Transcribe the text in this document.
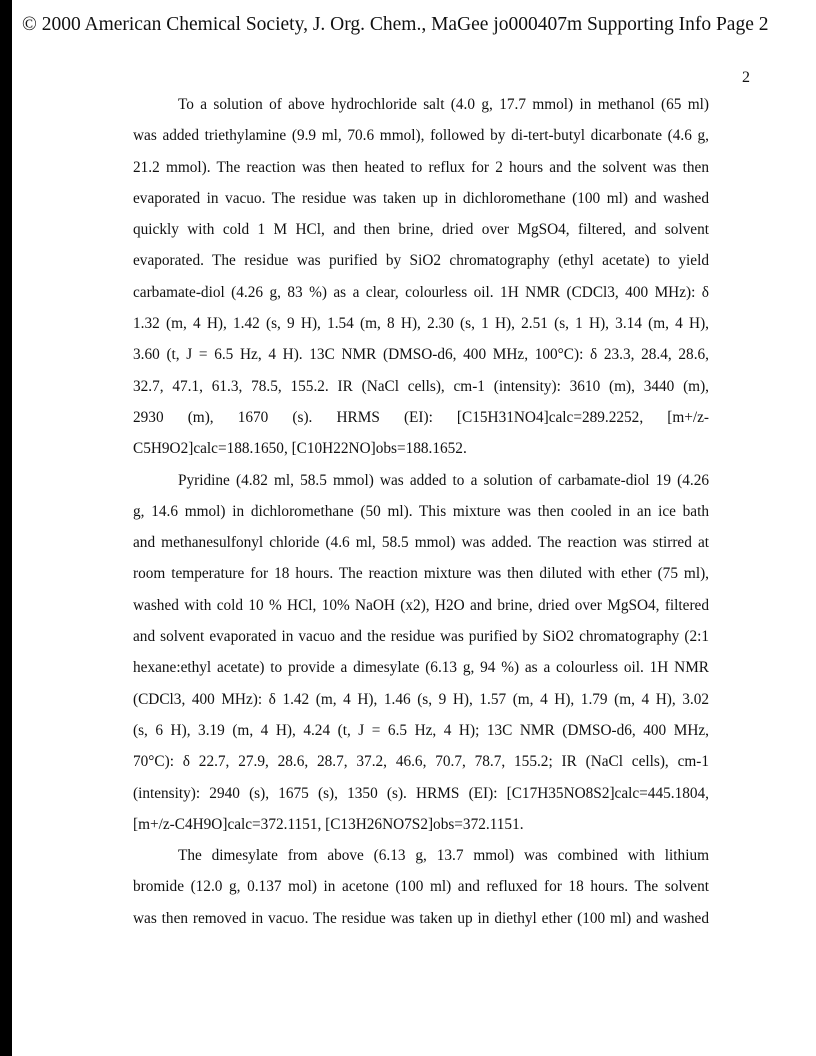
© 2000 American Chemical Society, J. Org. Chem., MaGee jo000407m Supporting Info Page 2
2
To a solution of above hydrochloride salt (4.0 g, 17.7 mmol) in methanol (65 ml)
was added triethylamine (9.9 ml, 70.6 mmol), followed by di-tert-butyl dicarbonate (4.6 g,
21.2 mmol). The reaction was then heated to reflux for 2 hours and the solvent was then
evaporated in vacuo. The residue was taken up in dichloromethane (100 ml) and washed
quickly with cold 1 M HCl, and then brine, dried over MgSO4, filtered, and solvent
evaporated. The residue was purified by SiO2 chromatography (ethyl acetate) to yield
carbamate-diol (4.26 g, 83 %) as a clear, colourless oil. 1H NMR (CDCl3, 400 MHz): δ
1.32 (m, 4 H), 1.42 (s, 9 H), 1.54 (m, 8 H), 2.30 (s, 1 H), 2.51 (s, 1 H), 3.14 (m, 4 H),
3.60 (t, J = 6.5 Hz, 4 H). 13C NMR (DMSO-d6, 400 MHz, 100°C): δ 23.3, 28.4, 28.6,
32.7, 47.1, 61.3, 78.5, 155.2. IR (NaCl cells), cm-1 (intensity): 3610 (m), 3440 (m),
2930 (m), 1670 (s). HRMS (EI): [C15H31NO4]calc=289.2252, [m+/z-
C5H9O2]calc=188.1650, [C10H22NO]obs=188.1652.
Pyridine (4.82 ml, 58.5 mmol) was added to a solution of carbamate-diol 19 (4.26
g, 14.6 mmol) in dichloromethane (50 ml). This mixture was then cooled in an ice bath
and methanesulfonyl chloride (4.6 ml, 58.5 mmol) was added. The reaction was stirred at
room temperature for 18 hours. The reaction mixture was then diluted with ether (75 ml),
washed with cold 10 % HCl, 10% NaOH (x2), H2O and brine, dried over MgSO4, filtered
and solvent evaporated in vacuo and the residue was purified by SiO2 chromatography (2:1
hexane:ethyl acetate) to provide a dimesylate (6.13 g, 94 %) as a colourless oil. 1H NMR
(CDCl3, 400 MHz): δ 1.42 (m, 4 H), 1.46 (s, 9 H), 1.57 (m, 4 H), 1.79 (m, 4 H), 3.02
(s, 6 H), 3.19 (m, 4 H), 4.24 (t, J = 6.5 Hz, 4 H); 13C NMR (DMSO-d6, 400 MHz,
70°C): δ 22.7, 27.9, 28.6, 28.7, 37.2, 46.6, 70.7, 78.7, 155.2; IR (NaCl cells), cm-1
(intensity): 2940 (s), 1675 (s), 1350 (s). HRMS (EI): [C17H35NO8S2]calc=445.1804,
[m+/z-C4H9O]calc=372.1151, [C13H26NO7S2]obs=372.1151.
The dimesylate from above (6.13 g, 13.7 mmol) was combined with lithium
bromide (12.0 g, 0.137 mol) in acetone (100 ml) and refluxed for 18 hours. The solvent
was then removed in vacuo. The residue was taken up in diethyl ether (100 ml) and washed
